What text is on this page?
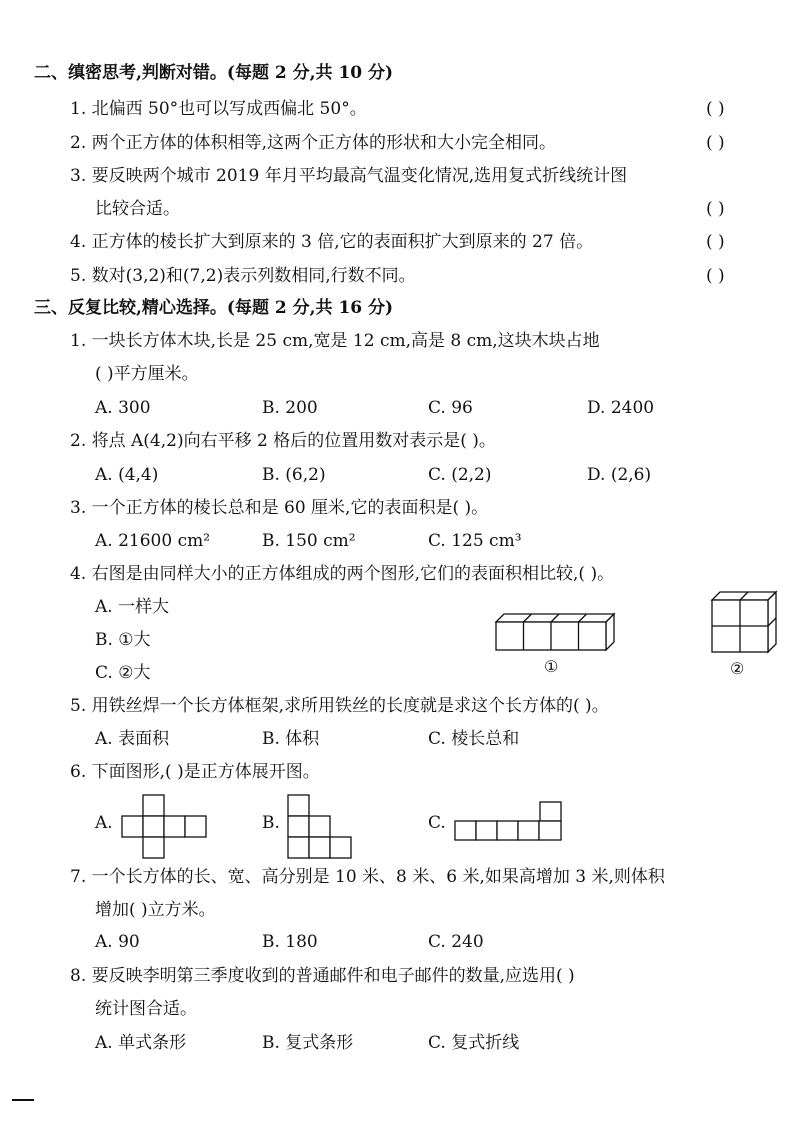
二、缜密思考,判断对错。(每题 2 分,共 10 分)
1. 北偏西 50°也可以写成西偏北 50°。	( )
2. 两个正方体的体积相等,这两个正方体的形状和大小完全相同。	( )
3. 要反映两个城市 2019 年月平均最高气温变化情况,选用复式折线统计图
比较合适。	( )
4. 正方体的棱长扩大到原来的 3 倍,它的表面积扩大到原来的 27 倍。	( )
5. 数对(3,2)和(7,2)表示列数相同,行数不同。	( )
三、反复比较,精心选择。(每题 2 分,共 16 分)
1. 一块长方体木块,长是 25 cm,宽是 12 cm,高是 8 cm,这块木块占地
( )平方厘米。
A. 300	B. 200	C. 96	D. 2400
2. 将点 A(4,2)向右平移 2 格后的位置用数对表示是( )。
A. (4,4)	B. (6,2)	C. (2,2)	D. (2,6)
3. 一个正方体的棱长总和是 60 厘米,它的表面积是( )。
A. 21600 cm²	B. 150 cm²	C. 125 cm³
4. 右图是由同样大小的正方体组成的两个图形,它们的表面积相比较,( )。
A. 一样大
B. ①大
C. ②大	①	②
5. 用铁丝焊一个长方体框架,求所用铁丝的长度就是求这个长方体的( )。
A. 表面积	B. 体积	C. 棱长总和
6. 下面图形,( )是正方体展开图。
A.	B.	C.
7. 一个长方体的长、宽、高分别是 10 米、8 米、6 米,如果高增加 3 米,则体积
增加( )立方米。
A. 90	B. 180	C. 240
8. 要反映李明第三季度收到的普通邮件和电子邮件的数量,应选用( )
统计图合适。
A. 单式条形	B. 复式条形	C. 复式折线
